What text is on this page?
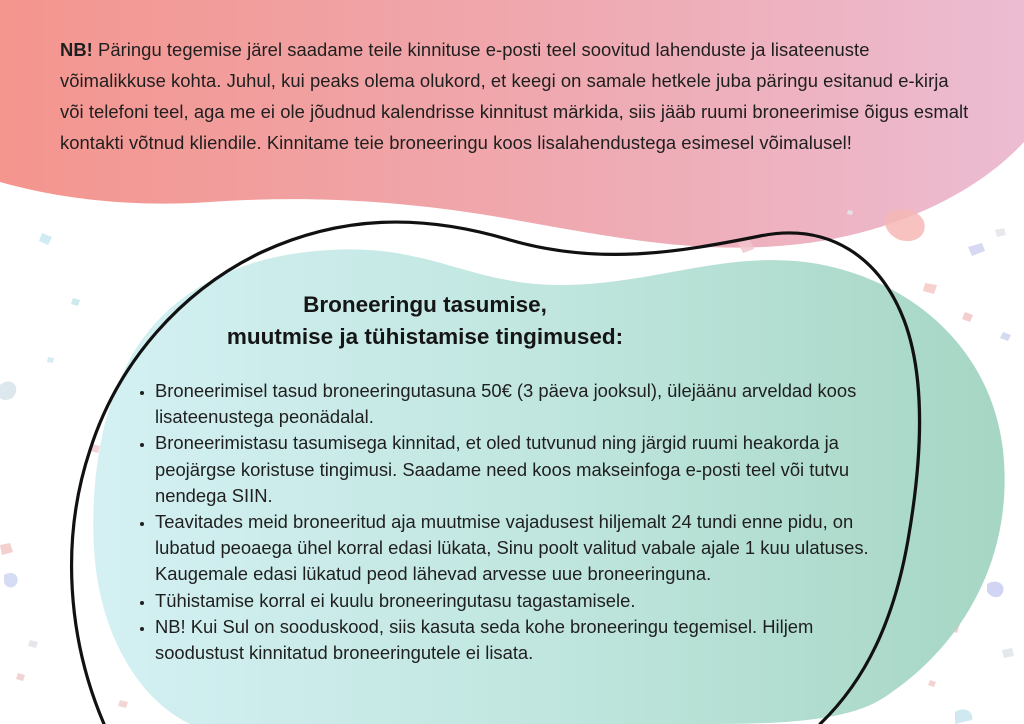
NB! Päringu tegemise järel saadame teile kinnituse e-posti teel soovitud lahenduste ja lisateenuste võimalikkuse kohta. Juhul, kui peaks olema olukord, et keegi on samale hetkele juba päringu esitanud e-kirja või telefoni teel, aga me ei ole jõudnud kalendrisse kinnitust märkida, siis jääb ruumi broneerimise õigus esmalt kontakti võtnud kliendile. Kinnitame teie broneeringu koos lisalahendustega esimesel võimalusel!
Broneeringu tasumise,
muutmise ja tühistamise tingimused:
• Broneerimisel tasud broneeringutasuna 50€ (3 päeva jooksul), ülejäänu arveldad koos lisateenustega peonädalal.
• Broneerimistasu tasumisega kinnitad, et oled tutvunud ning järgid ruumi heakorda ja peojärgse koristuse tingimusi. Saadame need koos makseinfoga e-posti teel või tutvu nendega SIIN.
• Teavitades meid broneeritud aja muutmise vajadusest hiljemalt 24 tundi enne pidu, on lubatud peoaega ühel korral edasi lükata, Sinu poolt valitud vabale ajale 1 kuu ulatuses. Kaugemale edasi lükatud peod lähevad arvesse uue broneeringuna.
• Tühistamise korral ei kuulu broneeringutasu tagastamisele.
• NB! Kui Sul on sooduskood, siis kasuta seda kohe broneeringu tegemisel. Hiljem soodustust kinnitatud broneeringutele ei lisata.
